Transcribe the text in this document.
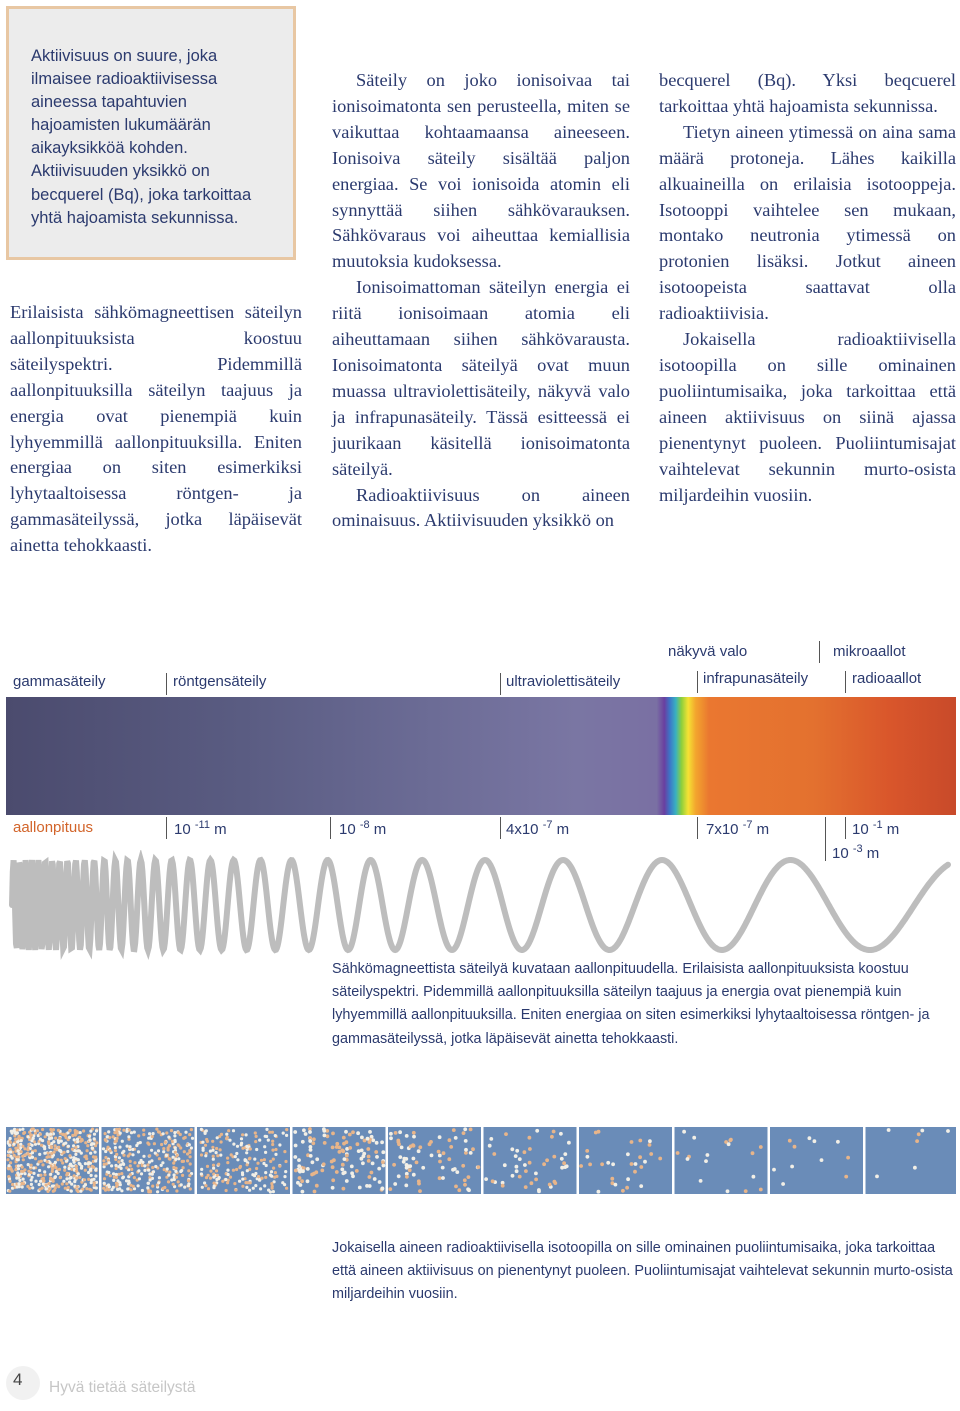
Aktiivisuus on suure, joka ilmaisee radioaktiivisessa aineessa tapahtuvien hajoamisten lukumäärän aikayksikköä kohden. Aktiivisuuden yksikkö on becquerel (Bq), joka tarkoittaa yhtä hajoamista sekunnissa.

Erilaisista sähkömagneettisen säteilyn aallonpituuksista koostuu säteilyspektri. Pidemmillä aallonpituuksilla säteilyn taajuus ja energia ovat pienempiä kuin lyhyemmillä aallonpituuksilla. Eniten energiaa on siten esimerkiksi lyhytaaltoisessa röntgen- ja gammasäteilyssä, jotka läpäisevät ainetta tehokkaasti.

Säteily on joko ionisoivaa tai ionisoimatonta sen perusteella, miten se vaikuttaa kohtaamaansa aineeseen. Ionisoiva säteily sisältää paljon energiaa. Se voi ionisoida atomin eli synnyttää siihen sähkövarauksen. Sähkövaraus voi aiheuttaa kemiallisia muutoksia kudoksessa.

Ionisoimattoman säteilyn energia ei riitä ionisoimaan atomia eli aiheuttamaan siihen sähkövarausta. Ionisoimatonta säteilyä ovat muun muassa ultraviolettisäteily, näkyvä valo ja infrapunasäteily. Tässä esitteessä ei juurikaan käsitellä ionisoimatonta säteilyä.

Radioaktiivisuus on aineen ominaisuus. Aktiivisuuden yksikkö on

becquerel (Bq). Yksi beqcuerel tarkoittaa yhtä hajoamista sekunnissa.

Tietyn aineen ytimessä on aina sama määrä protoneja. Lähes kaikilla alkuaineilla on erilaisia isotooppeja. Isotooppi vaihtelee sen mukaan, montako neutronia ytimessä on protonien lisäksi. Jotkut aineen isotoopeista saattavat olla radioaktiivisia.

Jokaisella radioaktiivisella isotoopilla on sille ominainen puoliintumisaika, joka tarkoittaa että aineen aktiivisuus on siinä ajassa pienentynyt puoleen. Puoliintumisajat vaihtelevat sekunnin murto-osista miljardeihin vuosiin.

näkyvä valo	mikroaallot
gammasäteily	röntgensäteily	ultraviolettisäteily	infrapunasäteily	radioaallot
aallonpituus	10 $^{-11}$ m	10 $^{-8}$ m	4x10 $^{-7}$ m	7x10 $^{-7}$ m	10 $^{-1}$ m
10 $^{-3}$ m
Sähkömagneettista säteilyä kuvataan aallonpituudella. Erilaisista aallonpituuksista koostuu säteilyspektri. Pidemmillä aallonpituuksilla säteilyn taajuus ja energia ovat pienempiä kuin lyhyemmillä aallonpituuksilla. Eniten energiaa on siten esimerkiksi lyhytaaltoisessa röntgen- ja gammasäteilyssä, jotka läpäisevät ainetta tehokkaasti.
Jokaisella aineen radioaktiivisella isotoopilla on sille ominainen puoliintumisaika, joka tarkoittaa että aineen aktiivisuus on pienentynyt puoleen. Puoliintumisajat vaihtelevat sekunnin murto-osista miljardeihin vuosiin.
4 Hyvä tietää säteilystä
